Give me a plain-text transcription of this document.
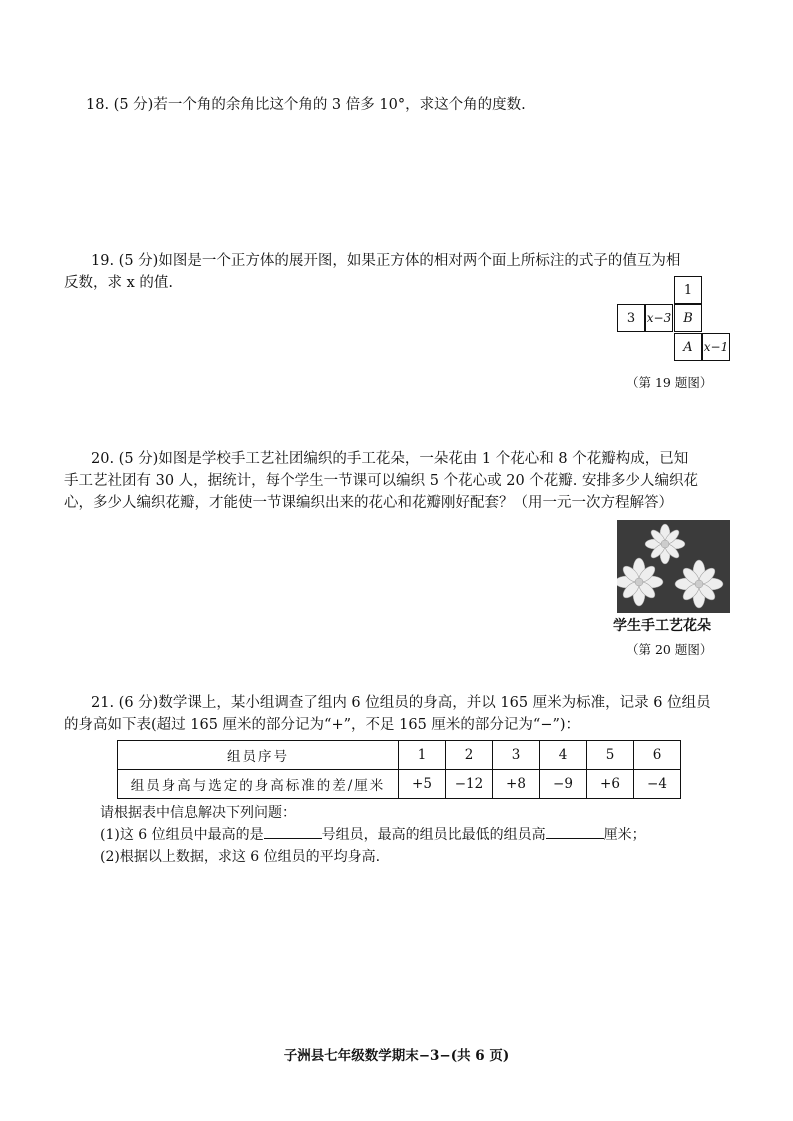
18. (5 分)若一个角的余角比这个角的 3 倍多 10°，求这个角的度数.
19. (5 分)如图是一个正方体的展开图，如果正方体的相对两个面上所标注的式子的值互为相
反数，求 x 的值.	1
3 x−3 B
A x−1
（第 19 题图）
20. (5 分)如图是学校手工艺社团编织的手工花朵，一朵花由 1 个花心和 8 个花瓣构成，已知
手工艺社团有 30 人，据统计，每个学生一节课可以编织 5 个花心或 20 个花瓣. 安排多少人编织花
心，多少人编织花瓣，才能使一节课编织出来的花心和花瓣刚好配套？（用一元一次方程解答）
学生手工艺花朵
（第 20 题图）
21. (6 分)数学课上，某小组调查了组内 6 位组员的身高，并以 165 厘米为标准，记录 6 位组员
的身高如下表(超过 165 厘米的部分记为“+”，不足 165 厘米的部分记为“−”)：
组员序号	1	2	3	4	5	6
组员身高与选定的身高标准的差/厘米	+5	−12	+8	−9	+6	−4
请根据表中信息解决下列问题：
(1)这 6 位组员中最高的是	号组员，最高的组员比最低的组员高	厘米；
(2)根据以上数据，求这 6 位组员的平均身高.
子洲县七年级数学期末−3−(共 6 页)
